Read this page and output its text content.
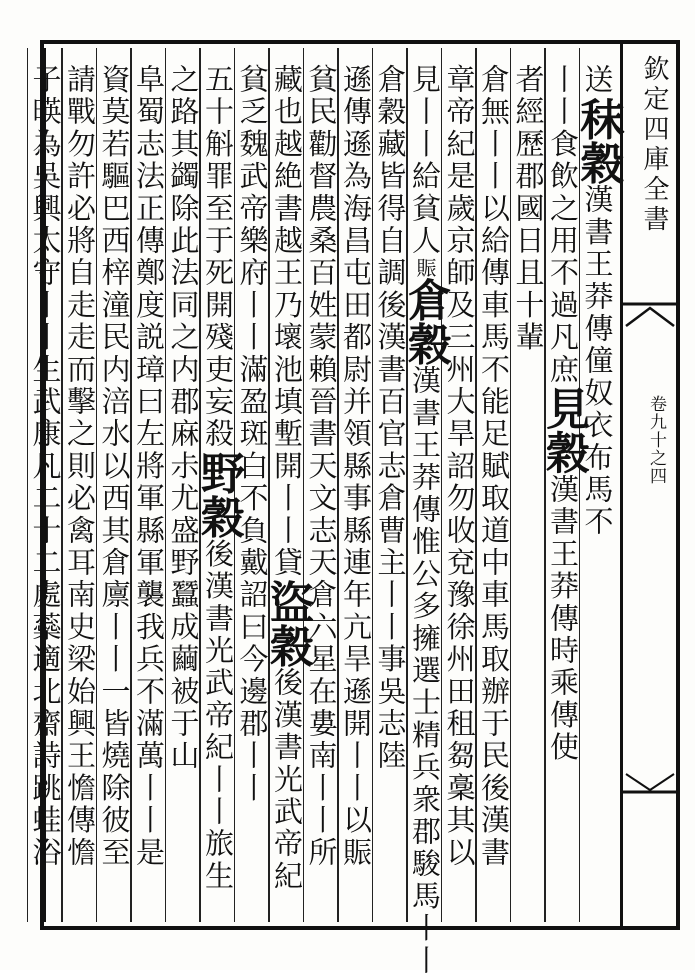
欽定四庫全書
卷九十之四
送秣穀漢書王莽傳僮奴衣布馬不
丨丨食飲之用不過凡庶見穀漢書王莽傳時乘傳使
者經歷郡國日且十輩
倉無丨丨以給傳車馬不能足賦取道中車馬取辦于民後漢書
章帝紀是歲京師及三州大旱詔勿收兗豫徐州田租芻稾其以
見丨丨給貧人賑倉穀漢書王莽傳惟公多擁選士精兵衆郡駿馬丨丨
倉穀藏皆得自調後漢書百官志倉曹主丨丨事吳志陸
遜傳遜為海昌屯田都尉并領縣事縣連年亢旱遜開丨丨以賑
貧民勸督農桑百姓蒙賴晉書天文志天倉六星在婁南丨丨所
藏也越絶書越王乃壞池填塹開丨丨貸盜穀後漢書光武帝紀
貧乏魏武帝樂府丨丨滿盈斑白不負戴詔曰今邊郡丨丨
五十斛罪至于死開殘吏妄殺野穀後漢書光武帝紀丨丨旅生
之路其蠲除此法同之内郡麻尗尤盛野蠶成繭被于山
阜蜀志法正傳鄭度説璋曰左將軍縣軍襲我兵不滿萬丨丨是
資莫若驅巴西梓潼民内涪水以西其倉廪丨丨一皆燒除彼至
請戰勿許必將自走走而擊之則必禽耳南史梁始興王憺傳憺
子暎為吳興太守丨丨生武康凡二十二處蘂適北齋詩跳蛙浴
